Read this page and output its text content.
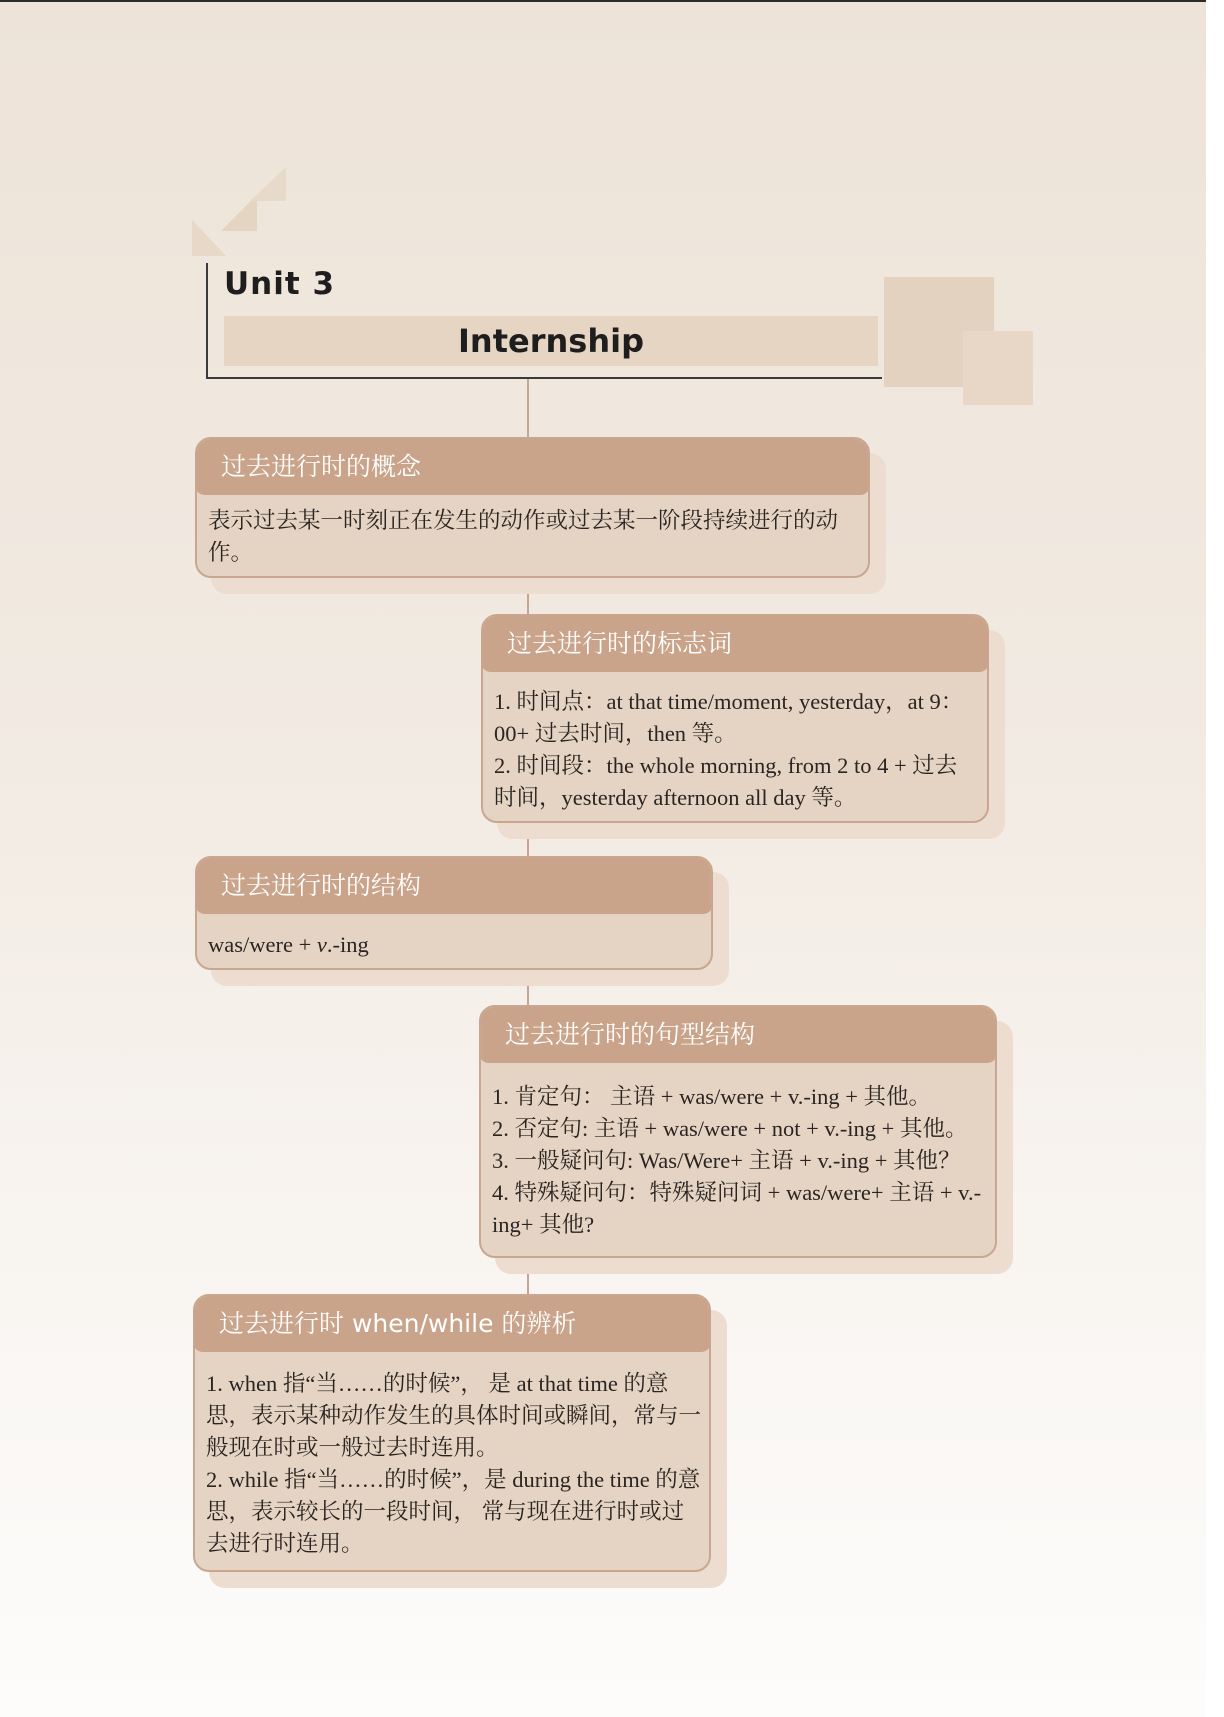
Unit 3
Internship
过去进行时的概念

表示过去某一时刻正在发生的动作或过去某一阶段持续进行的动作。

过去进行时的标志词

1. 时间点：at that time/moment, yesterday，at 9：00+ 过去时间，then 等。

2. 时间段：the whole morning, from 2 to 4 + 过去时间，yesterday afternoon all day 等。

过去进行时的结构

was/were + v.-ing

过去进行时的句型结构

1. 肯定句： 主语 + was/were + v.-ing + 其他。

2. 否定句: 主语 + was/were + not + v.-ing + 其他。

3. 一般疑问句: Was/Were+ 主语 + v.-ing + 其他？

4. 特殊疑问句：特殊疑问词 + was/were+ 主语 + v.-ing+ 其他?

过去进行时 when/while 的辨析

1. when 指“当……的时候”， 是 at that time 的意思，表示某种动作发生的具体时间或瞬间，常与一般现在时或一般过去时连用。

2. while 指“当……的时候”，是 during the time 的意思，表示较长的一段时间， 常与现在进行时或过去进行时连用。
